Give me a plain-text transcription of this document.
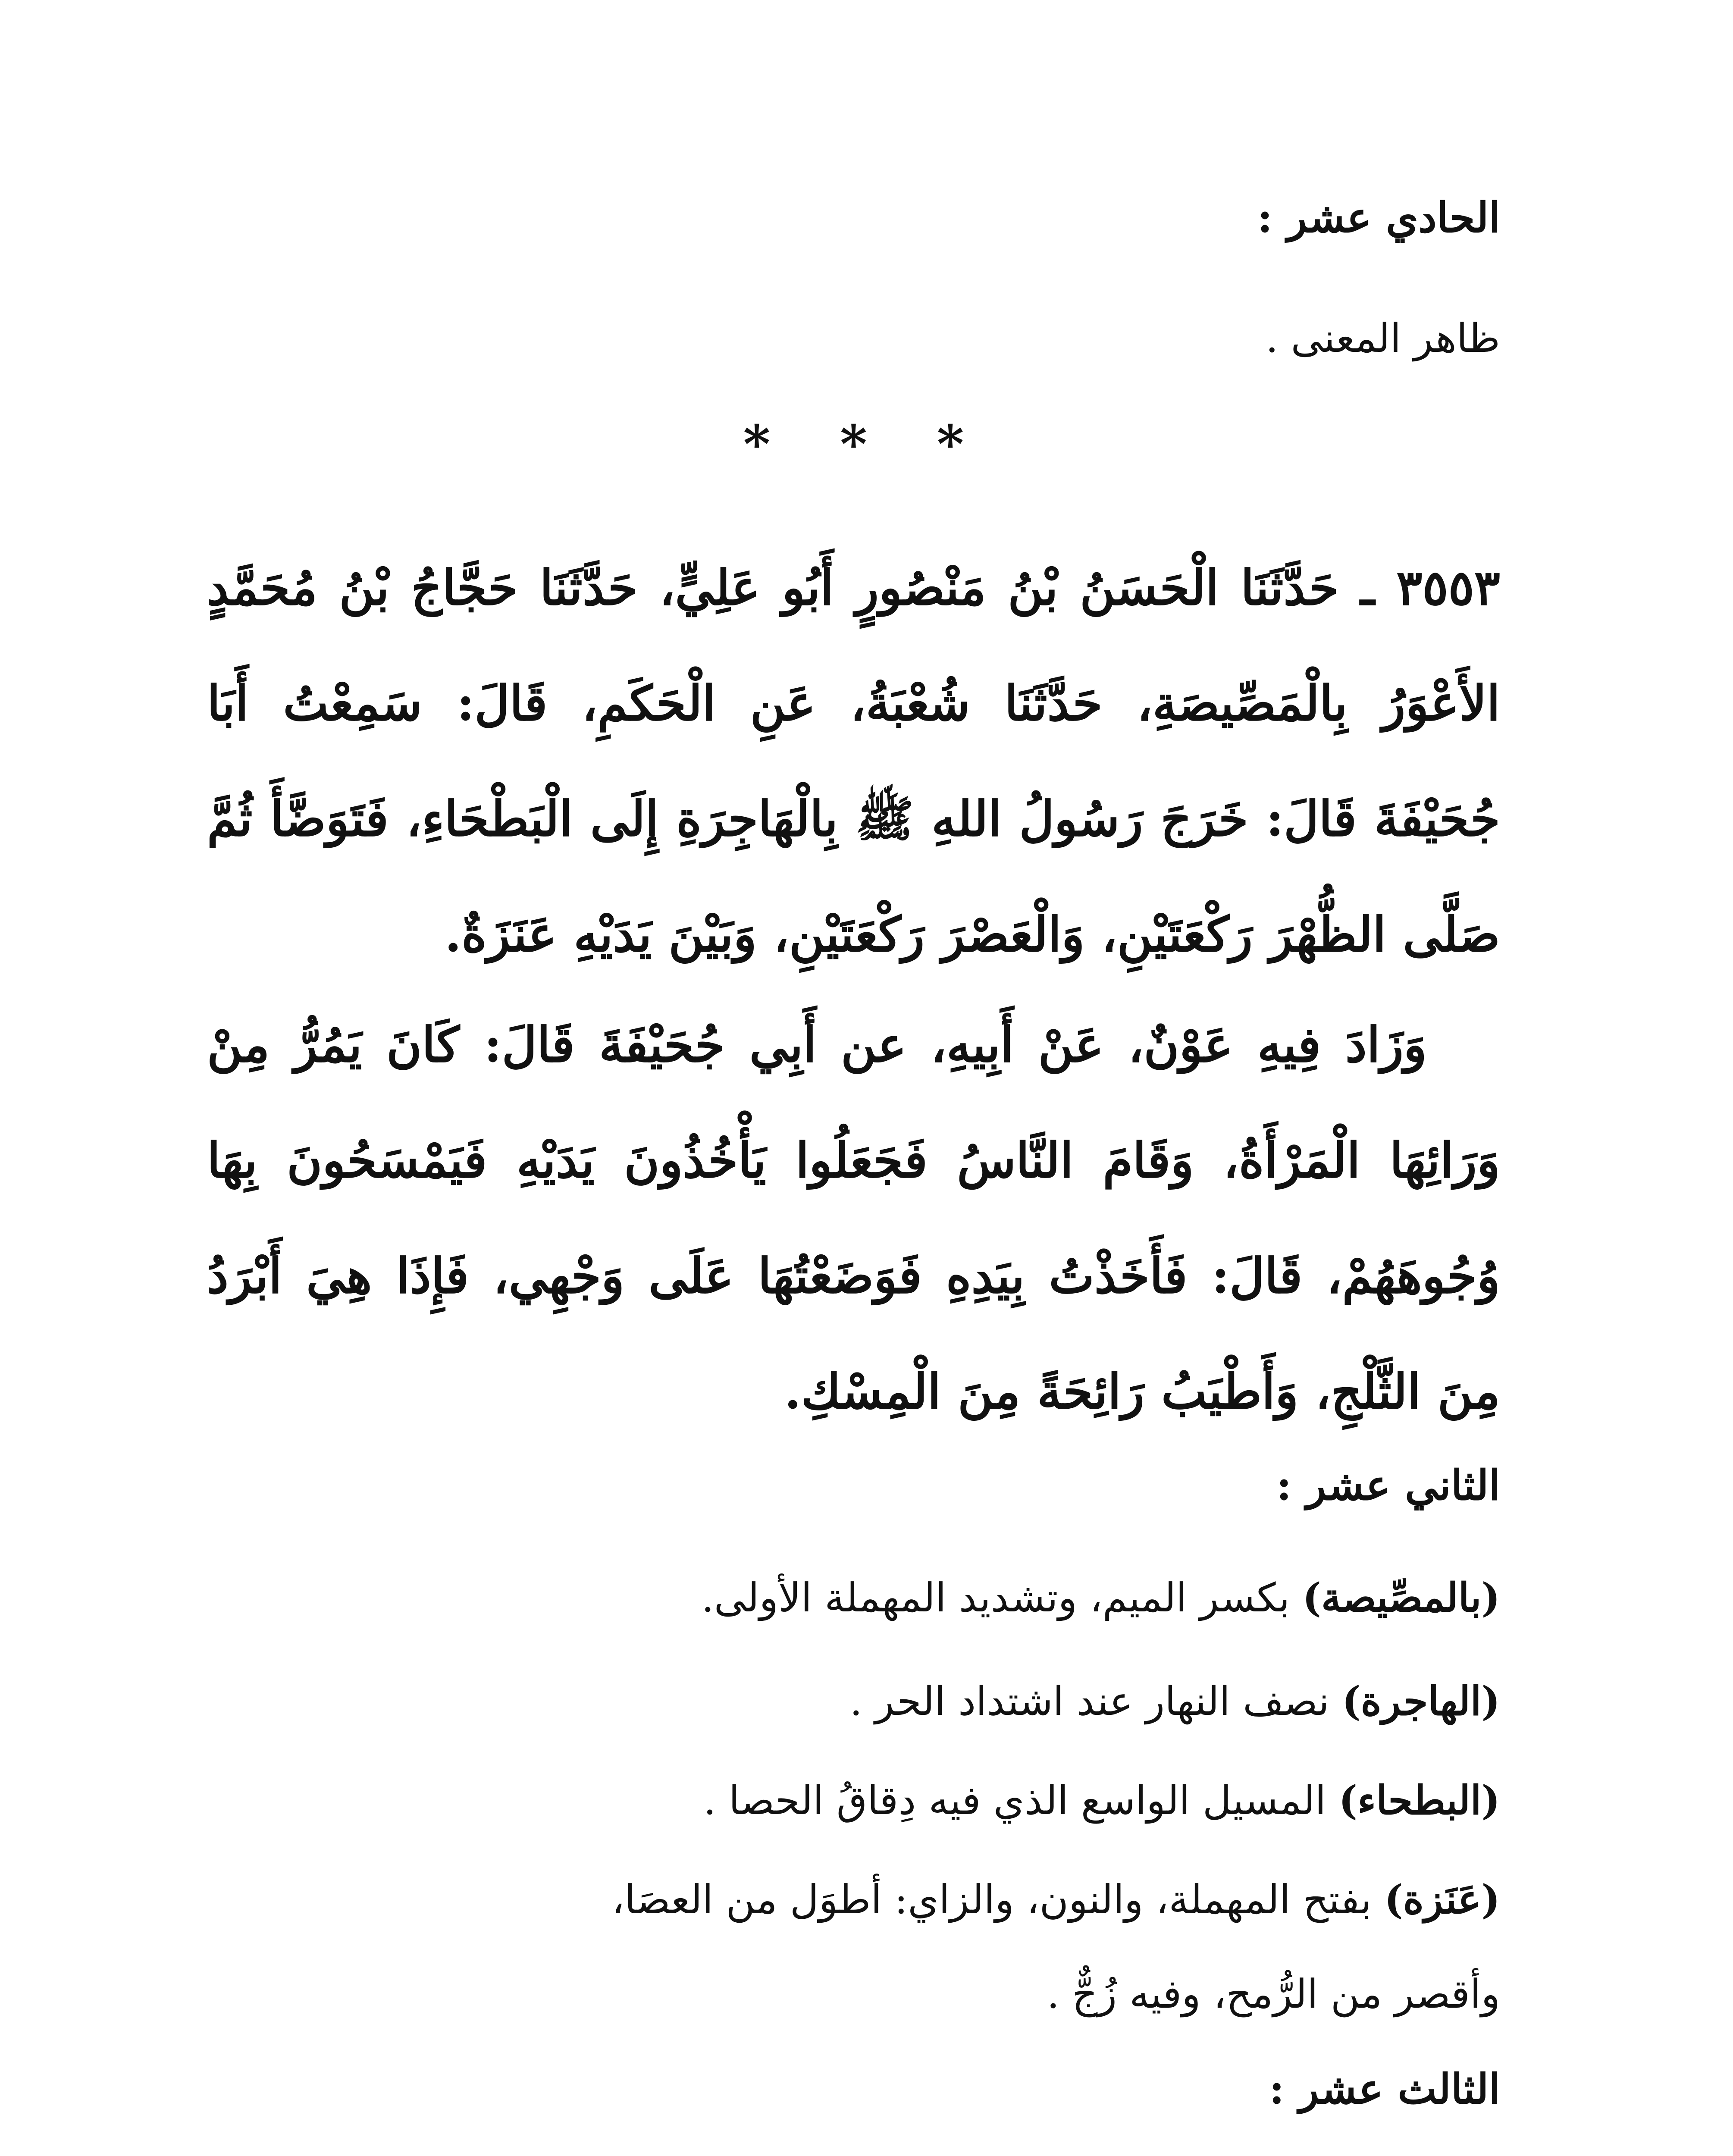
الحادي عشر :
ظاهر المعنى .
* * *
٣٥٥٣ ـ حَدَّثَنَا الْحَسَنُ بْنُ مَنْصُورٍ أَبُو عَلِيٍّ، حَدَّثَنَا حَجَّاجُ بْنُ مُحَمَّدٍ الأَعْوَرُ بِالْمَصِّيصَةِ، حَدَّثَنَا شُعْبَةُ، عَنِ الْحَكَمِ، قَالَ: سَمِعْتُ أَبَا جُحَيْفَةَ قَالَ: خَرَجَ رَسُولُ اللهِ ﷺ بِالْهَاجِرَةِ إِلَى الْبَطْحَاءِ، فَتَوَضَّأَ ثُمَّ صَلَّى الظُّهْرَ رَكْعَتَيْنِ، وَالْعَصْرَ رَكْعَتَيْنِ، وَبَيْنَ يَدَيْهِ عَنَزَةٌ.
وَزَادَ فِيهِ عَوْنٌ، عَنْ أَبِيهِ، عن أَبِي جُحَيْفَةَ قَالَ: كَانَ يَمُرُّ مِنْ وَرَائِهَا الْمَرْأَةُ، وَقَامَ النَّاسُ فَجَعَلُوا يَأْخُذُونَ يَدَيْهِ فَيَمْسَحُونَ بِهَا وُجُوهَهُمْ، قَالَ: فَأَخَذْتُ بِيَدِهِ فَوَضَعْتُهَا عَلَى وَجْهِي، فَإِذَا هِيَ أَبْرَدُ مِنَ الثَّلْجِ، وَأَطْيَبُ رَائِحَةً مِنَ الْمِسْكِ.
الثاني عشر :
(بالمصِّيصة) بكسر الميم، وتشديد المهملة الأولى.
(الهاجرة) نصف النهار عند اشتداد الحر .
(البطحاء) المسيل الواسع الذي فيه دِقاقُ الحصا .
(عَنَزة) بفتح المهملة، والنون، والزاي: أطوَل من العصَا،
وأقصر من الرُّمح، وفيه زُجٌّ .
الثالث عشر :
